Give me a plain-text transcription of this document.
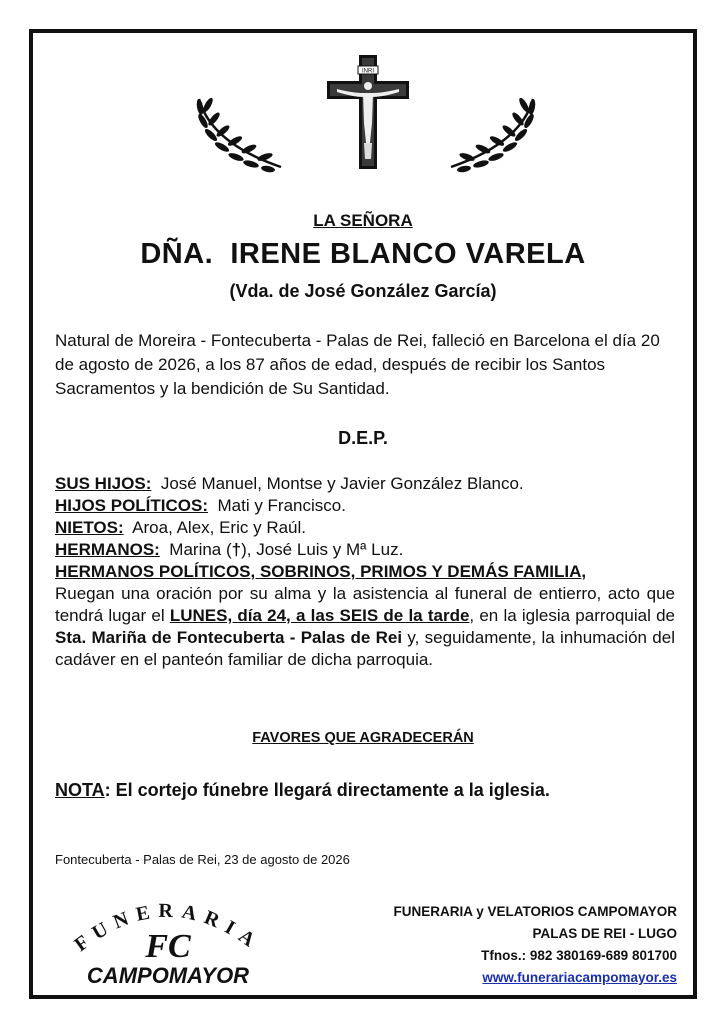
INRI
LA SEÑORA
DÑA.  IRENE BLANCO VARELA
(Vda. de José González García)
Natural de Moreira - Fontecuberta - Palas de Rei, falleció en Barcelona el día 20 de agosto de 2026, a los 87 años de edad, después de recibir los Santos Sacramentos y la bendición de Su Santidad.
D.E.P.

SUS HIJOS: José Manuel, Montse y Javier González Blanco.

HIJOS POLÍTICOS: Mati y Francisco.

NIETOS: Aroa, Alex, Eric y Raúl.

HERMANOS: Marina (†), José Luis y Mª Luz.

HERMANOS POLÍTICOS, SOBRINOS, PRIMOS Y DEMÁS FAMILIA,

Ruegan una oración por su alma y la asistencia al funeral de entierro, acto que tendrá lugar el LUNES, día 24, a las SEIS de la tarde, en la iglesia parroquial de Sta. Mariña de Fontecuberta - Palas de Rei y, seguidamente, la inhumación del cadáver en el panteón familiar de dicha parroquia.

FAVORES QUE AGRADECERÁN
NOTA: El cortejo fúnebre llegará directamente a la iglesia.
Fontecuberta - Palas de Rei, 23 de agosto de 2026
FUNERARIA
FC
CAMPOMAYOR
FUNERARIA y VELATORIOS CAMPOMAYOR
PALAS DE REI - LUGO
Tfnos.: 982 380169-689 801700
www.funerariacampomayor.es
